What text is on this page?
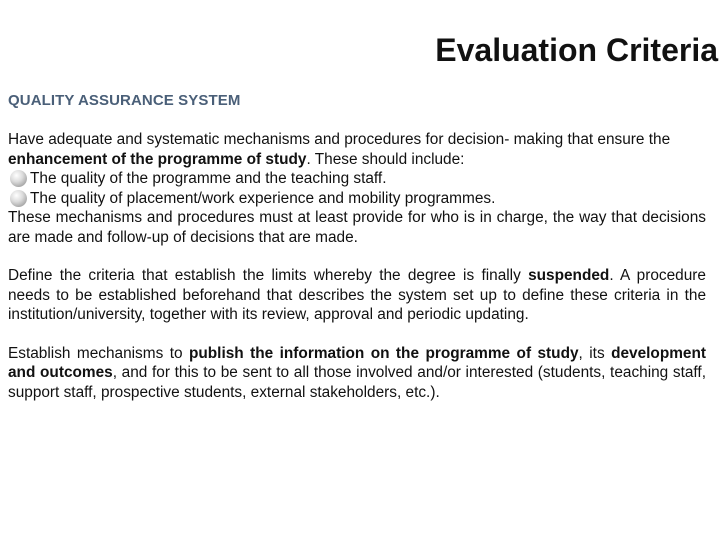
Evaluation Criteria
QUALITY ASSURANCE SYSTEM

Have adequate and systematic mechanisms and procedures for decision- making that ensure the enhancement of the programme of study. These should include:

The quality of the programme and the teaching staff.
The quality of placement/work experience and mobility programmes.

These mechanisms and procedures must at least provide for who is in charge, the way that decisions are made and follow-up of decisions that are made.

Define the criteria that establish the limits whereby the degree is finally suspended. A procedure needs to be established beforehand that describes the system set up to define these criteria in the institution/university, together with its review, approval and periodic updating.

Establish mechanisms to publish the information on the programme of study, its development and outcomes, and for this to be sent to all those involved and/or interested (students, teaching staff, support staff, prospective students, external stakeholders, etc.).
